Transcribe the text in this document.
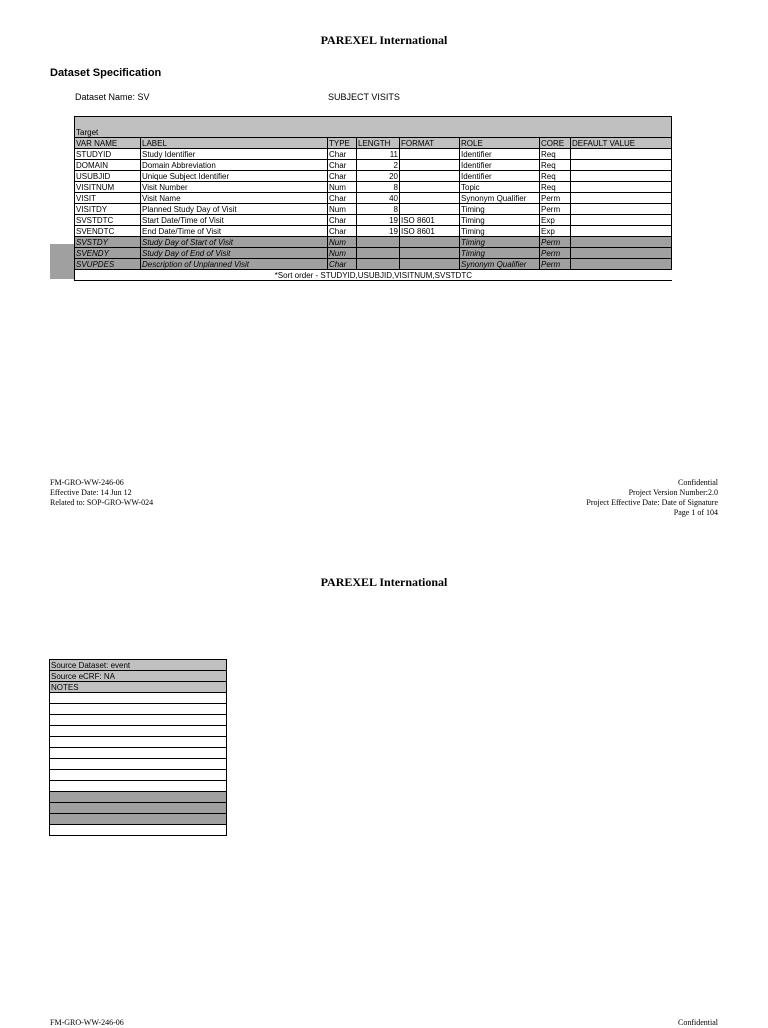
PAREXEL International
Dataset Specification
Dataset Name: SV	SUBJECT VISITS
Target							
VAR NAME	LABEL	TYPE	LENGTH	FORMAT	ROLE	CORE	DEFAULT VALUE
STUDYID	Study Identifier	Char	11		Identifier	Req	
DOMAIN	Domain Abbreviation	Char	2		Identifier	Req	
USUBJID	Unique Subject Identifier	Char	20		Identifier	Req	
VISITNUM	Visit Number	Num	8		Topic	Req	
VISIT	Visit Name	Char	40		Synonym Qualifier	Perm	
VISITDY	Planned Study Day of Visit	Num	8		Timing	Perm	
SVSTDTC	Start Date/Time of Visit	Char	19	ISO 8601	Timing	Exp	
SVENDTC	End Date/Time of Visit	Char	19	ISO 8601	Timing	Exp	
SVSTDY	Study Day of Start of Visit	Num			Timing	Perm	
SVENDY	Study Day of End of Visit	Num			Timing	Perm	
SVUPDES	Description of Unplanned Visit	Char			Synonym Qualifier	Perm	
*Sort order - STUDYID,USUBJID,VISITNUM,SVSTDTC							
FM-GRO-WW-246-06
Effective Date: 14 Jun 12
Related to: SOP-GRO-WW-024
Confidential
Project Version Number:2.0
Project Effective Date: Date of Signature
Page 1 of 104
PAREXEL International
Source Dataset: event
Source eCRF: NA
NOTES

FM-GRO-WW-246-06	Confidential
